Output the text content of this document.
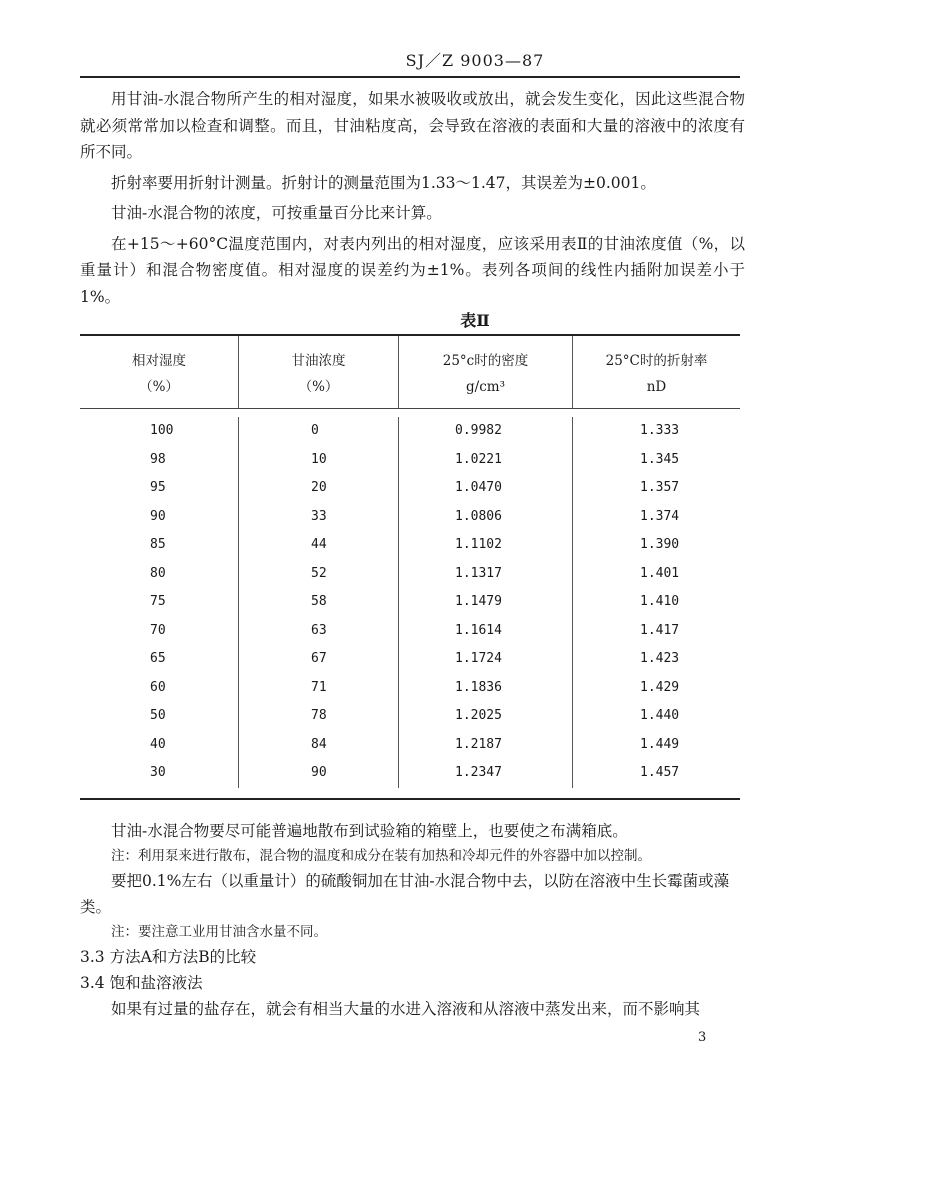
SJ／Z 9003—87

用甘油-水混合物所产生的相对湿度，如果水被吸收或放出，就会发生变化，因此这些混合物就必须常常加以检查和调整。而且，甘油粘度高，会导致在溶液的表面和大量的溶液中的浓度有所不同。

折射率要用折射计测量。折射计的测量范围为1.33～1.47，其误差为±0.001。

甘油-水混合物的浓度，可按重量百分比来计算。

在+15～+60°C温度范围内，对表内列出的相对湿度，应该采用表Ⅱ的甘油浓度值（%，以重量计）和混合物密度值。相对湿度的误差约为±1%。表列各项间的线性内插附加误差小于1%。

表Ⅱ
相对湿度
（%）
甘油浓度
（%）
25°c时的密度
g/cm³
25°C时的折射率
nD
100
98
95
90
85
80
75
70
65
60
50
40
30
0
10
20
33
44
52
58
63
67
71
78
84
90
0.9982
1.0221
1.0470
1.0806
1.1102
1.1317
1.1479
1.1614
1.1724
1.1836
1.2025
1.2187
1.2347
1.333
1.345
1.357
1.374
1.390
1.401
1.410
1.417
1.423
1.429
1.440
1.449
1.457

甘油-水混合物要尽可能普遍地散布到试验箱的箱壁上，也要使之布满箱底。

注：利用泵来进行散布，混合物的温度和成分在装有加热和冷却元件的外容器中加以控制。

要把0.1%左右（以重量计）的硫酸铜加在甘油-水混合物中去，以防在溶液中生长霉菌或藻类。

注：要注意工业用甘油含水量不同。

3.3 方法A和方法B的比较

3.4 饱和盐溶液法

如果有过量的盐存在，就会有相当大量的水进入溶液和从溶液中蒸发出来，而不影响其

3
